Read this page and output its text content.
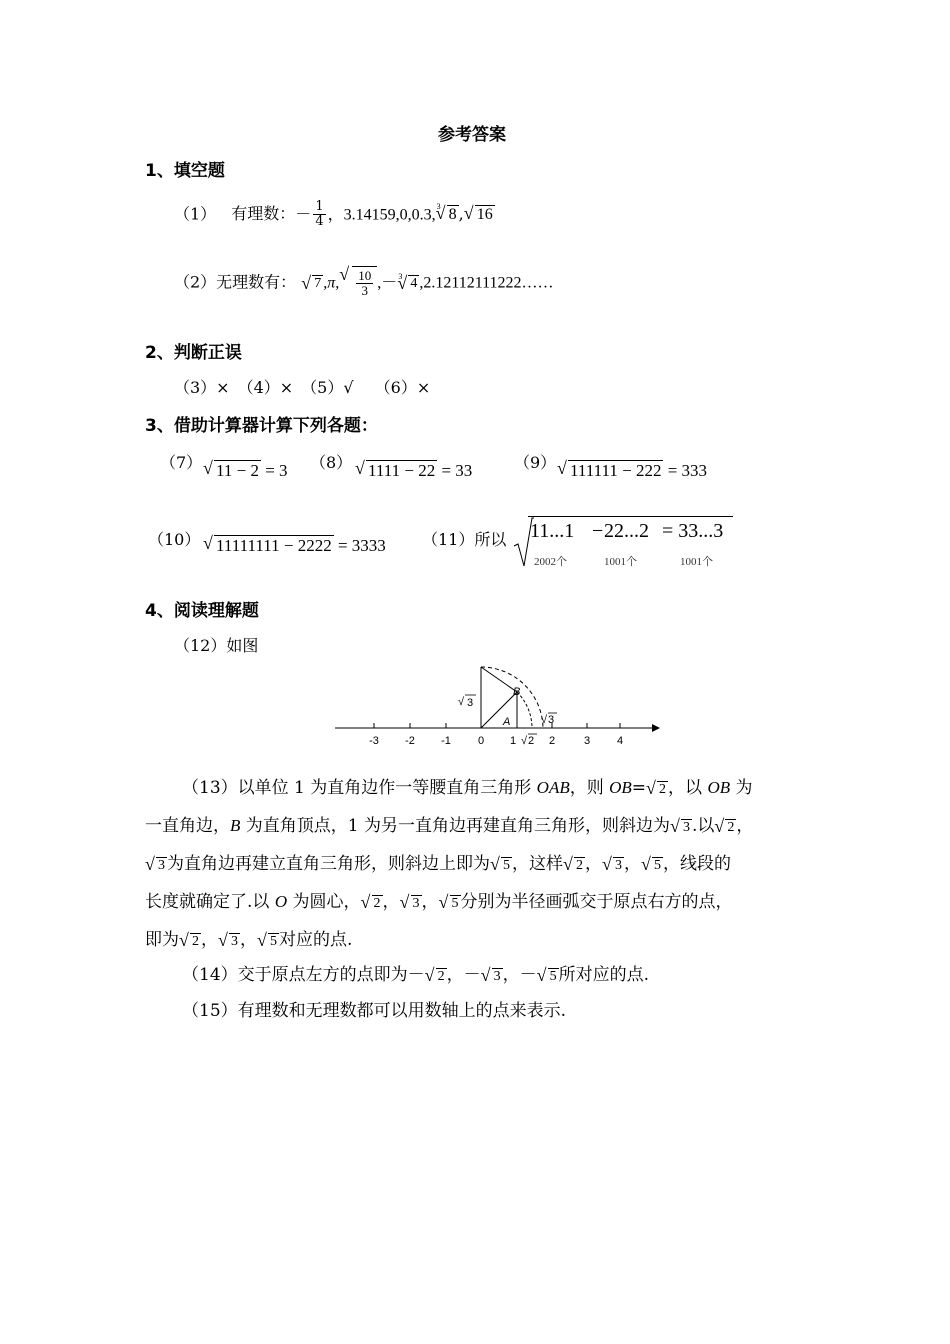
参考答案
1、填空题
（1） 有理数：－ $\frac{1}{4}$ ，3.14159,0,0.3, √ 3 8 , √ 16
（2）无理数有： √ 7 ,π, √ $\frac{10}{3}$ ,－ √ 3 4 ,2.12112111222……
2、判断正误
（3）×　（4）×　（5）√　 （6）×
3、借助计算器计算下列各题：
（7） √ 11 − 2 = 3 （8） √ 1111 − 22 = 33	（9） √ 111111 − 222 = 333
（10） √ 11111111 − 2222 = 3333 （11）所以 11...1 − 22...2 = 33...3
2002个	1001个	1001个
4、阅读理解题
（12）如图
-3 -2 -1 0 1	2	3 4
√ 3
B
A
√ 2
√ 3
（13）以单位 1 为直角边作一等腰直角三角形 OAB，则 OB= √ 2 ，以 OB 为
一直角边，B 为直角顶点，1 为另一直角边再建直角三角形，则斜边为 √ 3 .以 √ 2 ，
√ 3 为直角边再建立直角三角形，则斜边上即为 √ 5 ，这样 √ 2 ， √ 3 ， √ 5 ，线段的
长度就确定了.以 O 为圆心， √ 2 ， √ 3 ， √ 5 分别为半径画弧交于原点右方的点，
即为 √ 2 ， √ 3 ， √ 5 对应的点.
（14）交于原点左方的点即为－ √ 2 ，－ √ 3 ，－ √ 5 所对应的点.
（15）有理数和无理数都可以用数轴上的点来表示.
